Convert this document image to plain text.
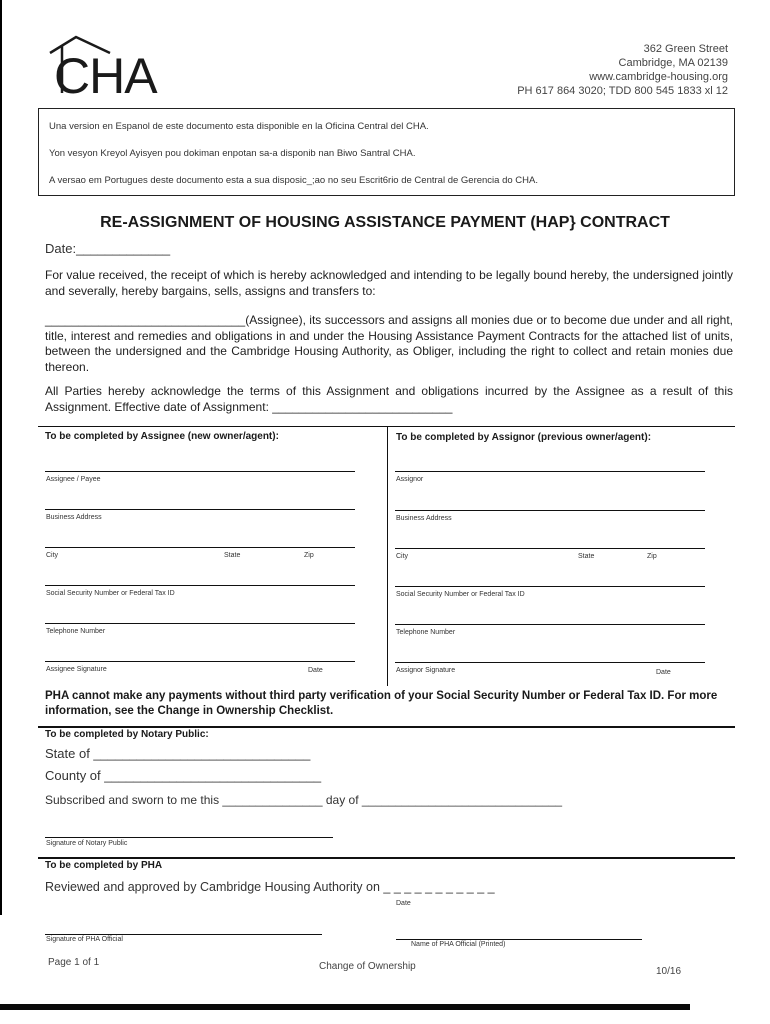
CHA	362 Green Street
Cambridge, MA 02139
www.cambridge-housing.org
PH 617 864 3020; TDD 800 545 1833 xl 12
Una version en Espanol de este documento esta disponible en la Oficina Central del CHA.
Yon vesyon Kreyol Ayisyen pou dokiman enpotan sa-a disponib nan Biwo Santral CHA.
A versao em Portugues deste documento esta a sua disposic_;ao no seu Escrit6rio de Central de Gerencia do CHA.
RE-ASSIGNMENT OF HOUSING ASSISTANCE PAYMENT (HAP} CONTRACT
Date:_____________
For value received, the receipt of which is hereby acknowledged and intending to be legally bound hereby, the undersigned jointly and severally, hereby bargains, sells, assigns and transfers to:
______________________________(Assignee), its successors and assigns all monies due or to become due under and all right, title, interest and remedies and obligations in and under the Housing Assistance Payment Contracts for the attached list of units, between the undersigned and the Cambridge Housing Authority, as Obliger, including the right to collect and retain monies due thereon.
All Parties hereby acknowledge the terms of this Assignment and obligations incurred by the Assignee as a result of this Assignment. Effective date of Assignment: ___________________________
To be completed by Assignee (new owner/agent):	To be completed by Assignor (previous owner/agent):
Assignee / Payee
Business Address
City	State	Zip
Social Security Number or Federal Tax ID
Telephone Number
Assignee Signature	Date
Assignor
Business Address
City	State	Zip
Social Security Number or Federal Tax ID
Telephone Number
Assignor Signature	Date
PHA cannot make any payments without third party verification of your Social Security Number or Federal Tax ID. For more information, see the Change in Ownership Checklist.
To be completed by Notary Public:
State of ______________________________
County of ______________________________
Subscribed and sworn to me this _______________ day of ______________________________
Signature of Notary Public
To be completed by PHA
Reviewed and approved by Cambridge Housing Authority on _ _ _ _ _ _ _ _ _ _ _
Date
Signature of PHA Official
Name of PHA Official (Printed)
Page 1 of 1	Change of Ownership	10/16
